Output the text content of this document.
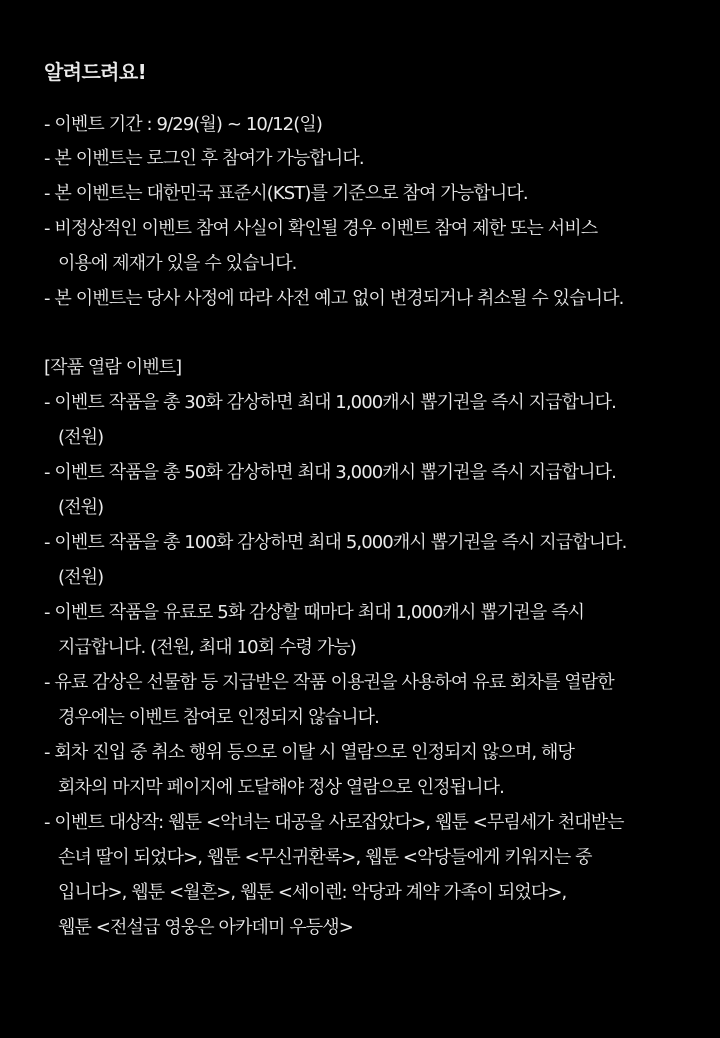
알려드려요!
- 이벤트 기간 : 9/29(월) ~ 10/12(일)
- 본 이벤트는 로그인 후 참여가 가능합니다.
- 본 이벤트는 대한민국 표준시(KST)를 기준으로 참여 가능합니다.
- 비정상적인 이벤트 참여 사실이 확인될 경우 이벤트 참여 제한 또는 서비스
이용에 제재가 있을 수 있습니다.
- 본 이벤트는 당사 사정에 따라 사전 예고 없이 변경되거나 취소될 수 있습니다.
[작품 열람 이벤트]
- 이벤트 작품을 총 30화 감상하면 최대 1,000캐시 뽑기권을 즉시 지급합니다.
(전원)
- 이벤트 작품을 총 50화 감상하면 최대 3,000캐시 뽑기권을 즉시 지급합니다.
(전원)
- 이벤트 작품을 총 100화 감상하면 최대 5,000캐시 뽑기권을 즉시 지급합니다.
(전원)
- 이벤트 작품을 유료로 5화 감상할 때마다 최대 1,000캐시 뽑기권을 즉시
지급합니다. (전원, 최대 10회 수령 가능)
- 유료 감상은 선물함 등 지급받은 작품 이용권을 사용하여 유료 회차를 열람한
경우에는 이벤트 참여로 인정되지 않습니다.
- 회차 진입 중 취소 행위 등으로 이탈 시 열람으로 인정되지 않으며, 해당
회차의 마지막 페이지에 도달해야 정상 열람으로 인정됩니다.
- 이벤트 대상작: 웹툰 <악녀는 대공을 사로잡았다>, 웹툰 <무림세가 천대받는
손녀 딸이 되었다>, 웹툰 <무신귀환록>, 웹툰 <악당들에게 키워지는 중
입니다>, 웹툰 <월흔>, 웹툰 <세이렌: 악당과 계약 가족이 되었다>,
웹툰 <전설급 영웅은 아카데미 우등생>
